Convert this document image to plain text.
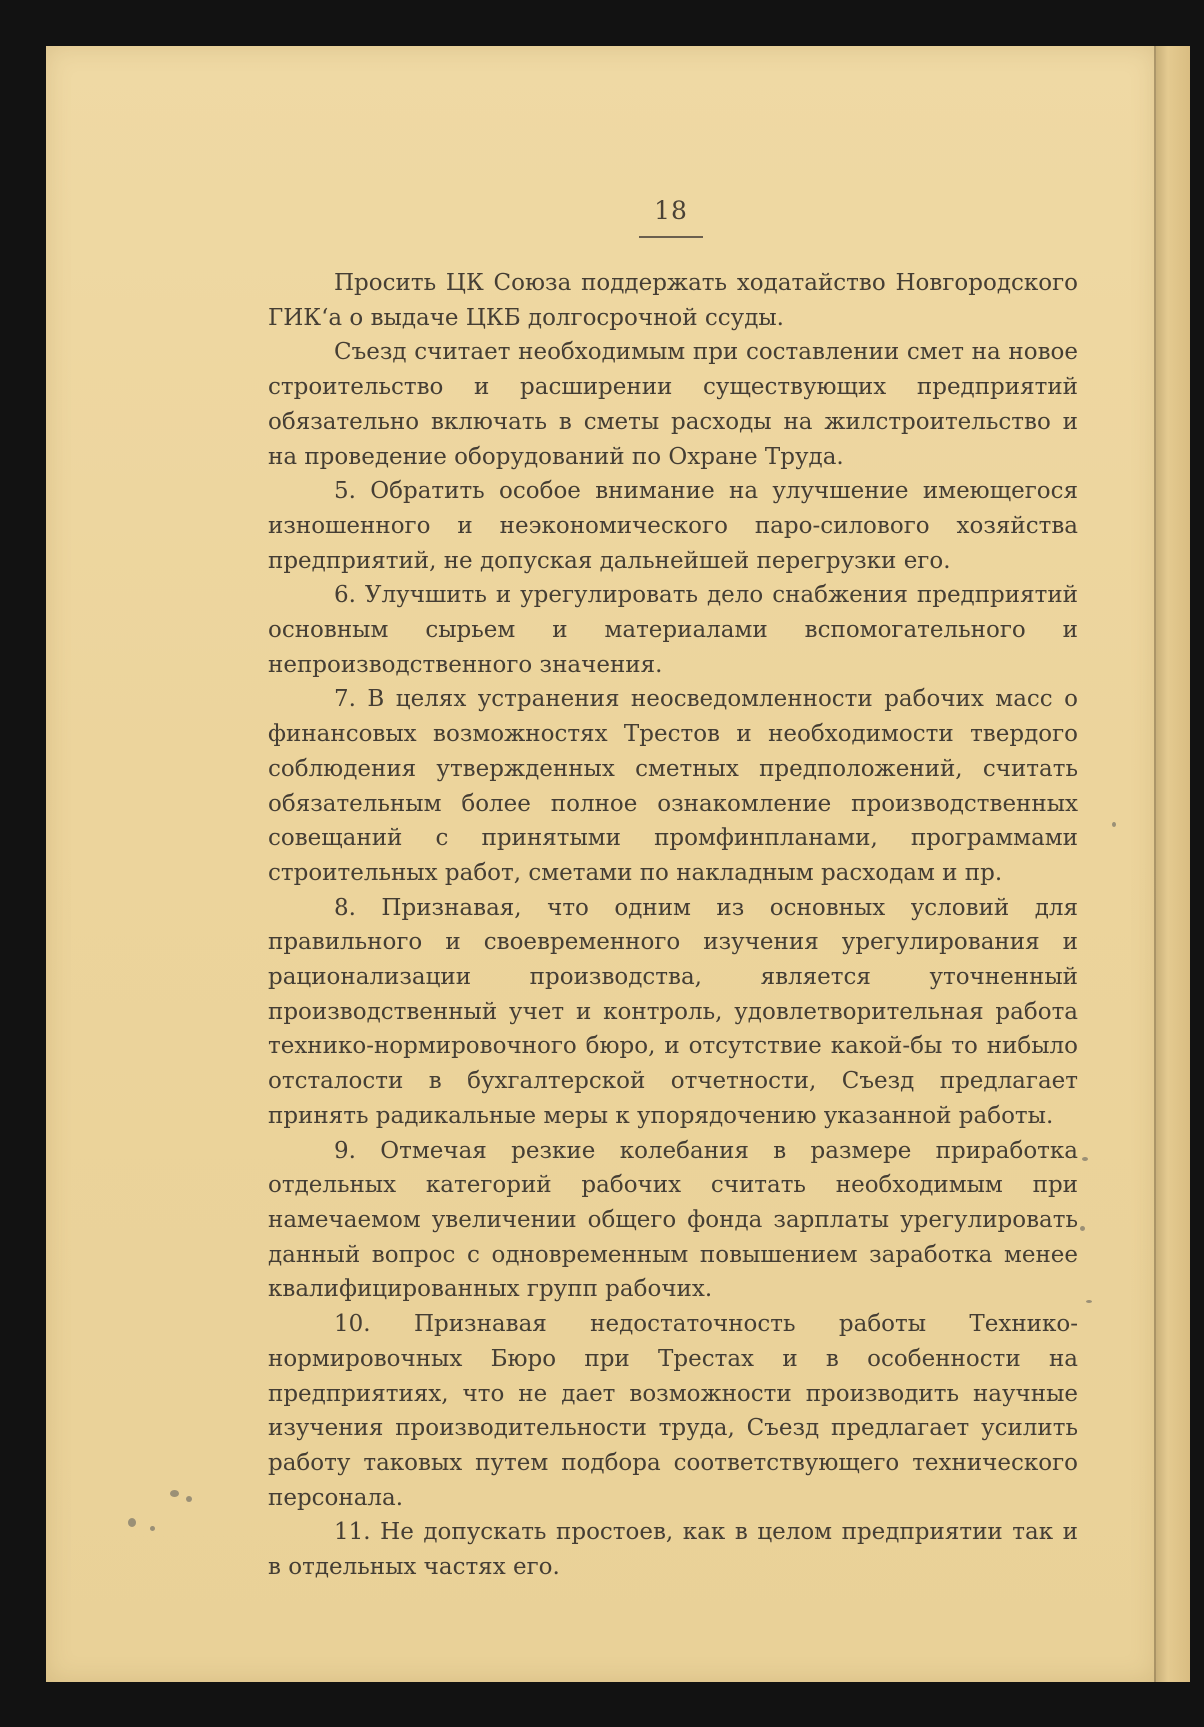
18

Просить ЦК Союза поддержать ходатайство Новгородского ГИК‘а о выдаче ЦКБ долгосрочной ссуды.

Съезд считает необходимым при составлении смет на новое строительство и расширении существующих предприятий обязательно включать в сметы расходы на жилстроительство и на проведение оборудований по Охране Труда.

5. Обратить особое внимание на улучшение имеющегося изношенного и неэкономического паро-силового хозяйства предприятий, не допуская дальнейшей перегрузки его.

6. Улучшить и урегулировать дело снабжения предприятий основным сырьем и материалами вспомогательного и непроизводственного значения.

7. В целях устранения неосведомленности рабочих масс о финансовых возможностях Трестов и необходимости твердого соблюдения утвержденных сметных предположений, считать обязательным более полное ознакомление производственных совещаний с принятыми промфинпланами, программами строительных работ, сметами по накладным расходам и пр.

8. Признавая, что одним из основных условий для правильного и своевременного изучения урегулирования и рационализации производства, является уточненный производственный учет и контроль, удовлетворительная работа технико-нормировочного бюро, и отсутствие какой-бы то нибыло отсталости в бухгалтерской отчетности, Съезд предлагает принять радикальные меры к упорядочению указанной работы.

9. Отмечая резкие колебания в размере приработка отдельных категорий рабочих считать необходимым при намечаемом увеличении общего фонда зарплаты урегулировать данный вопрос с одновременным повышением заработка менее квалифицированных групп рабочих.

10. Признавая недостаточность работы Технико-нормировочных Бюро при Трестах и в особенности на предприятиях, что не дает возможности производить научные изучения производительности труда, Съезд предлагает усилить работу таковых путем подбора соответствующего технического персонала.

11. Не допускать простоев, как в целом предприятии так и в отдельных частях его.
